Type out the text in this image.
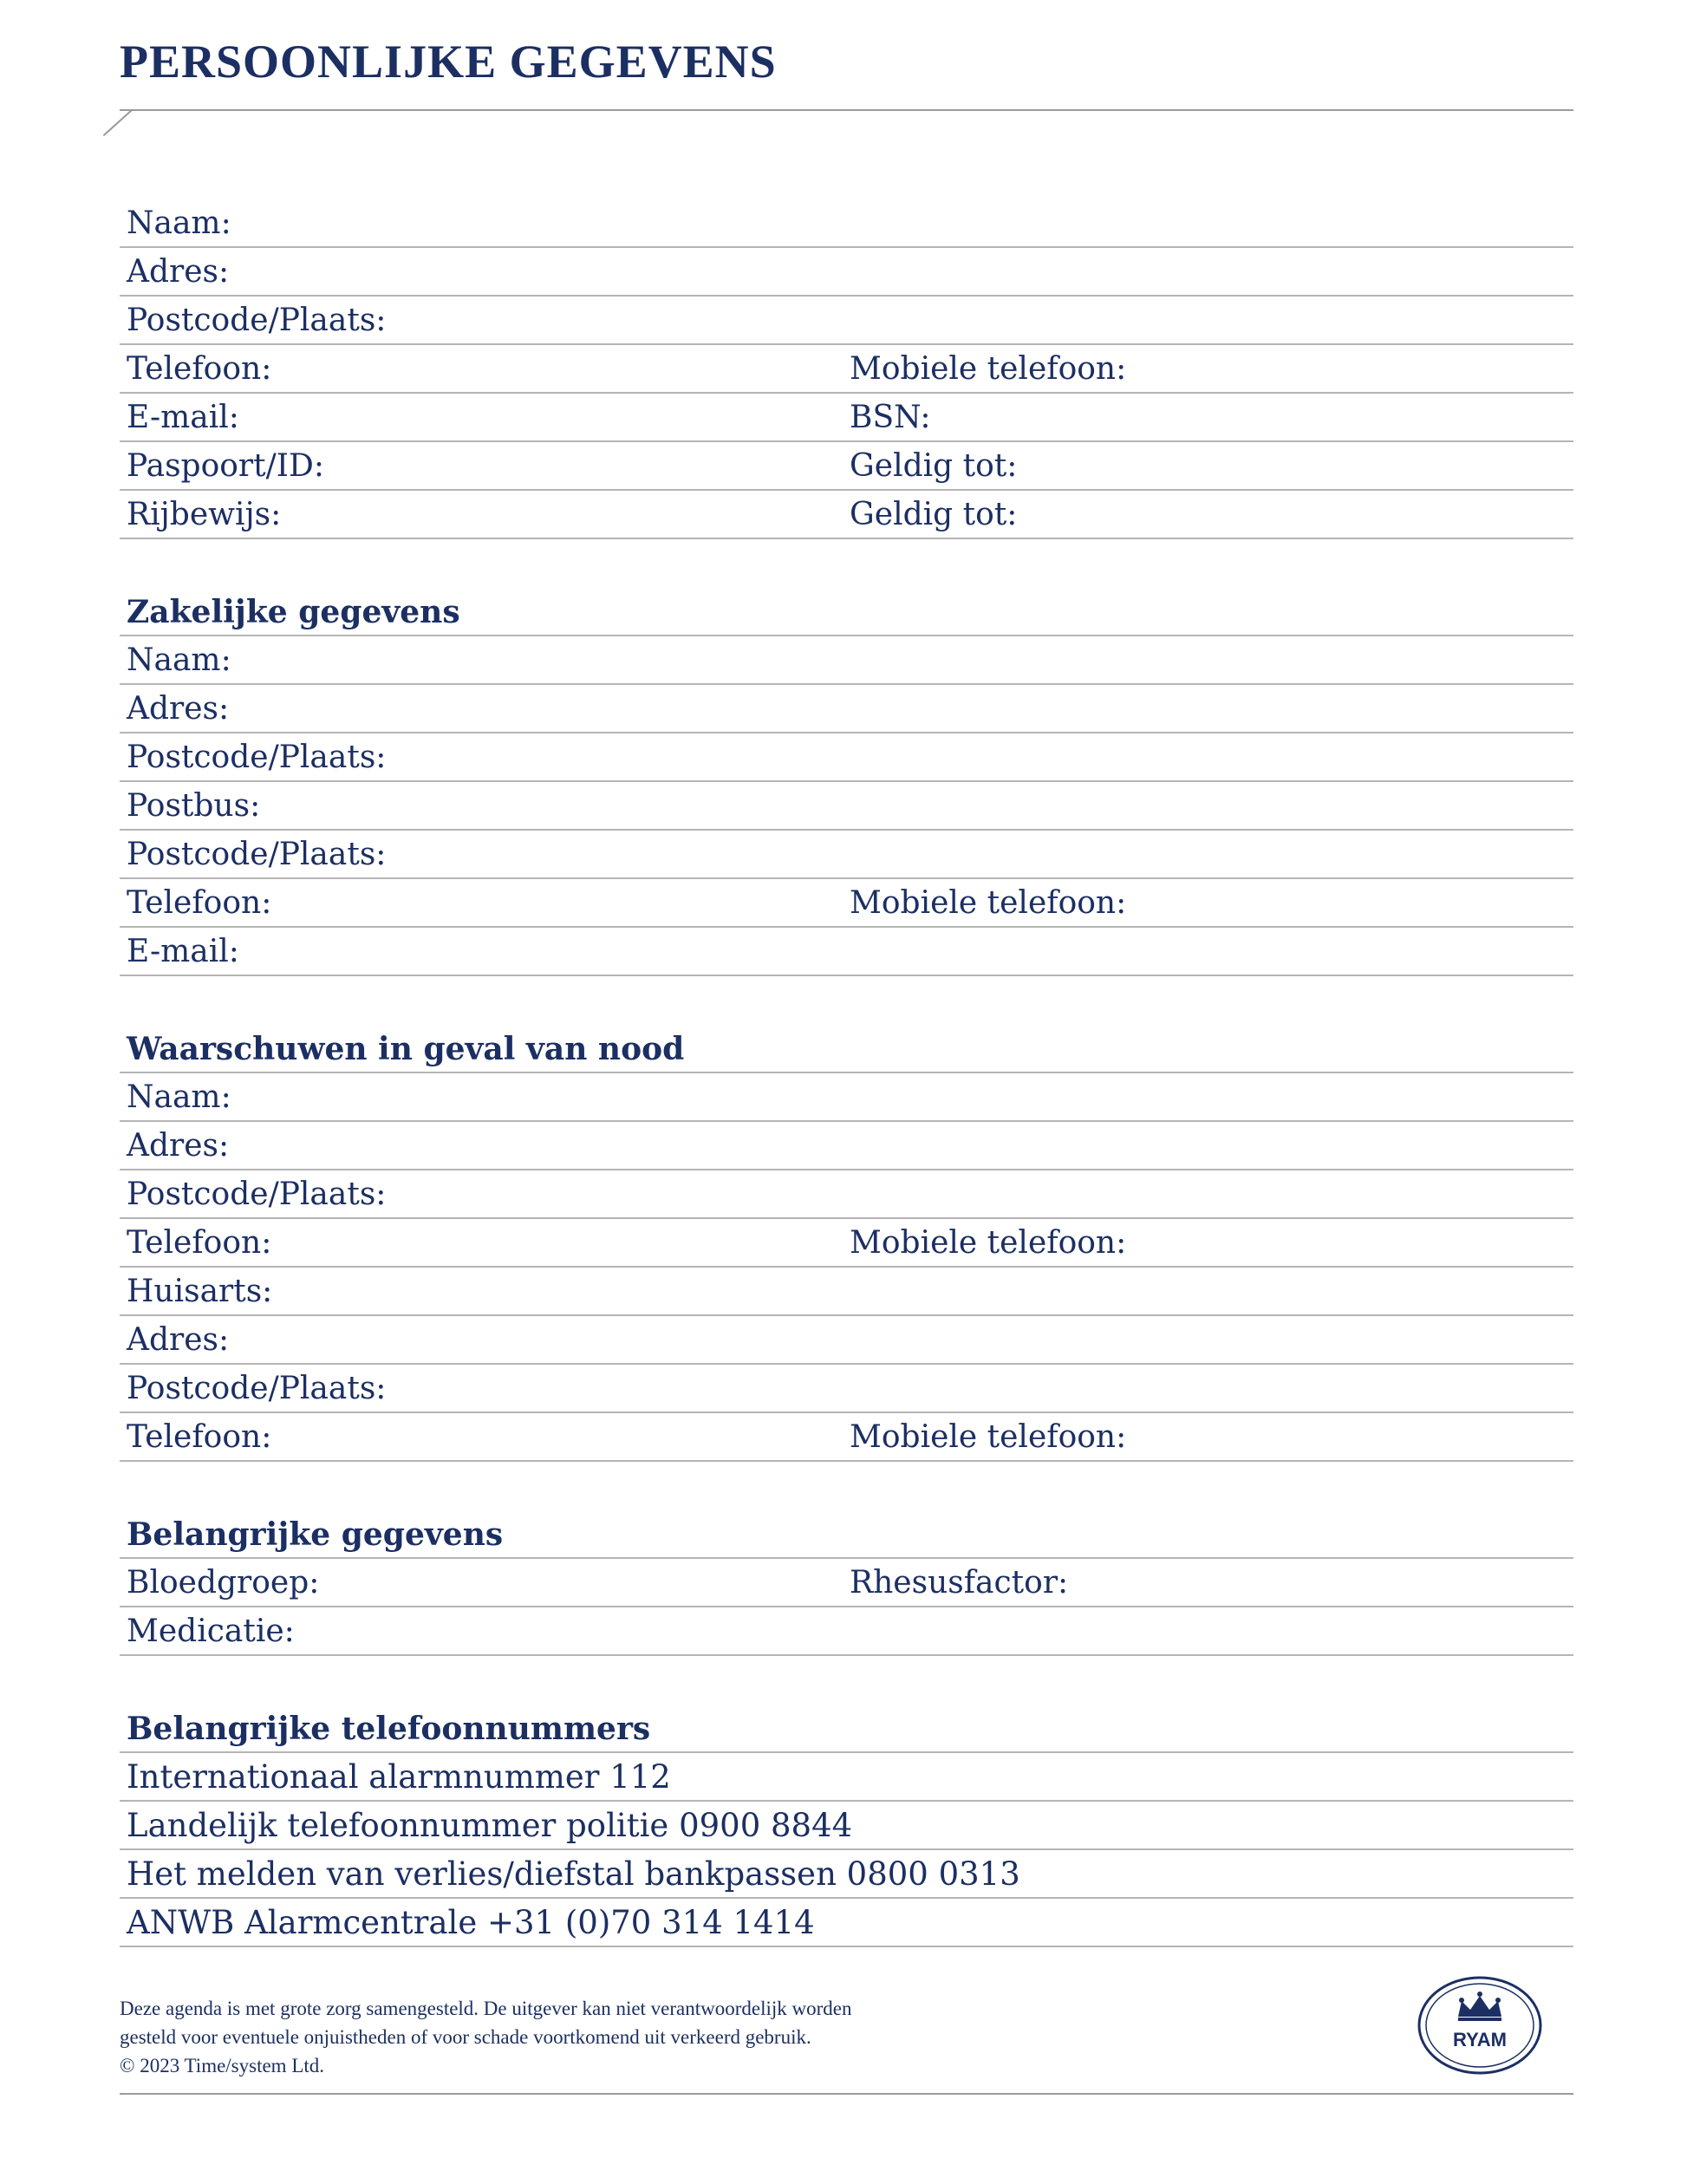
PERSOONLIJKE GEGEVENS
Naam:
Adres:
Postcode/Plaats:
Telefoon:	Mobiele telefoon:
E-mail:	BSN:
Paspoort/ID:	Geldig tot:
Rijbewijs:	Geldig tot:
Zakelijke gegevens
Naam:
Adres:
Postcode/Plaats:
Postbus:
Postcode/Plaats:
Telefoon:	Mobiele telefoon:
E-mail:
Waarschuwen in geval van nood
Naam:
Adres:
Postcode/Plaats:
Telefoon:	Mobiele telefoon:
Huisarts:
Adres:
Postcode/Plaats:
Telefoon:	Mobiele telefoon:
Belangrijke gegevens
Bloedgroep:	Rhesusfactor:
Medicatie:
Belangrijke telefoonnummers
Internationaal alarmnummer 112
Landelijk telefoonnummer politie 0900 8844
Het melden van verlies/diefstal bankpassen 0800 0313
ANWB Alarmcentrale +31 (0)70 314 1414
Deze agenda is met grote zorg samengesteld. De uitgever kan niet verantwoordelijk worden
gesteld voor eventuele onjuistheden of voor schade voortkomend uit verkeerd gebruik.
© 2023 Time/system Ltd.
RYAM
